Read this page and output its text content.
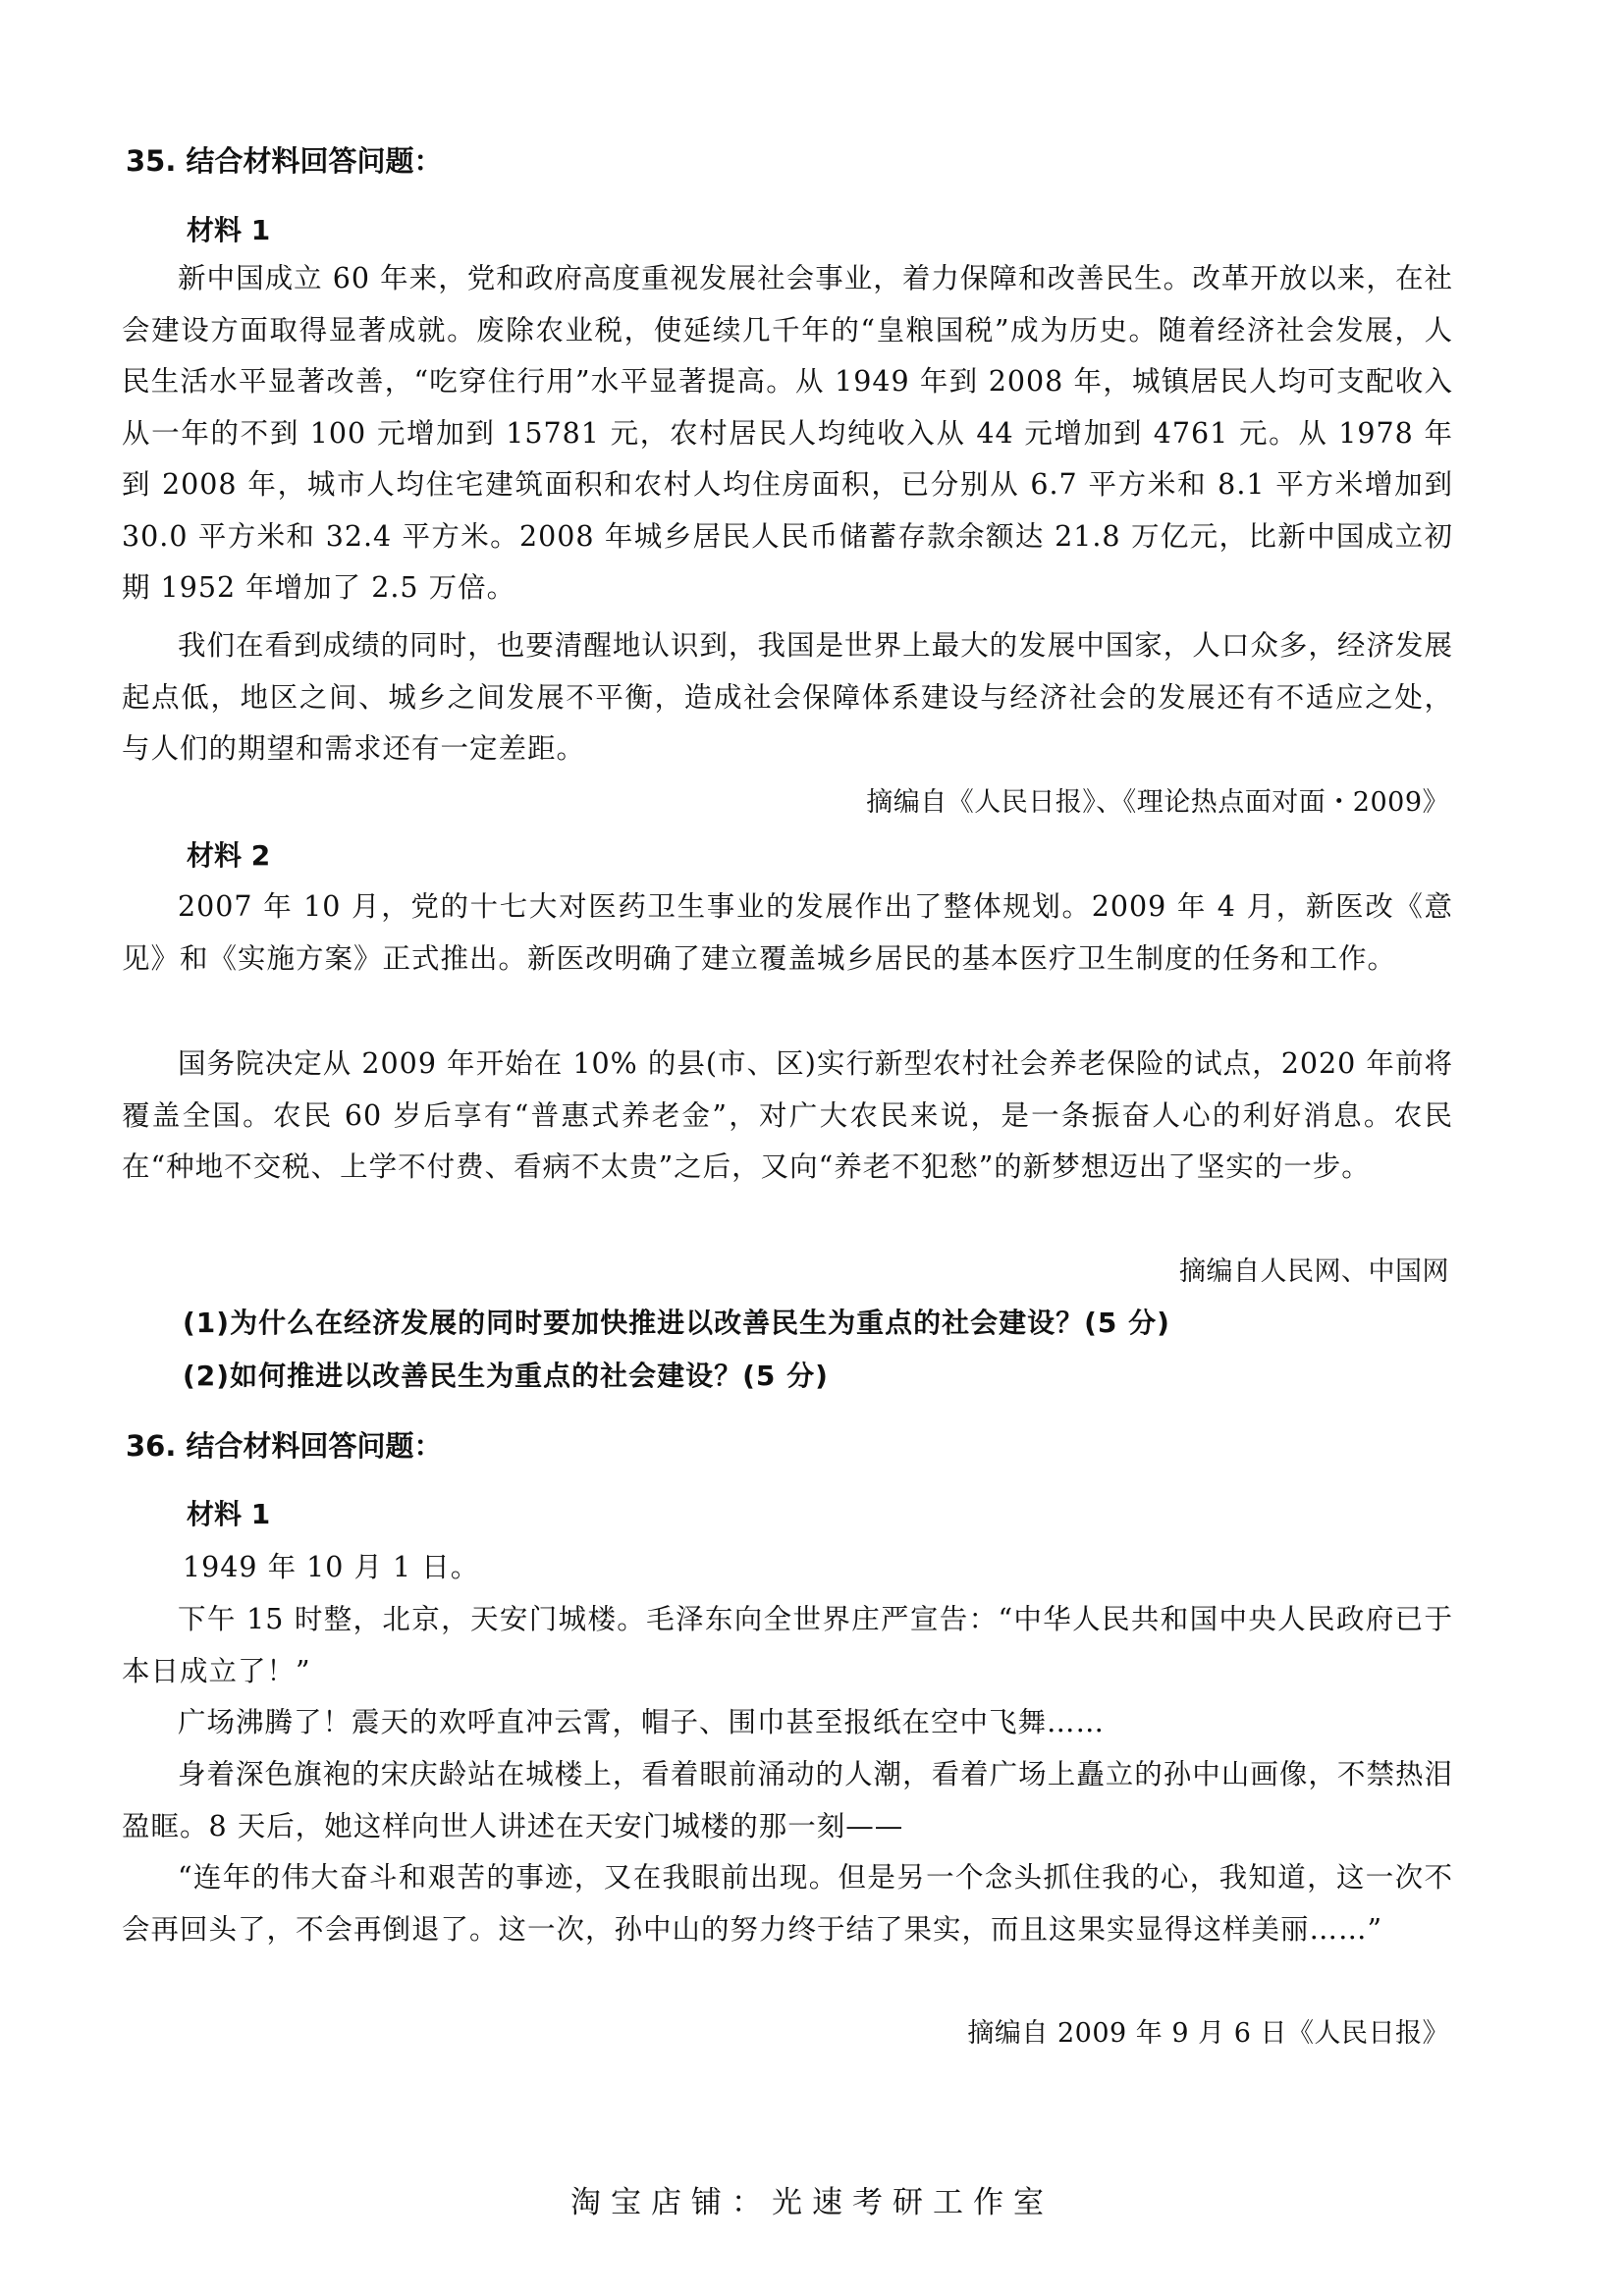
35. 结合材料回答问题：
材料 1

新中国成立 60 年来，党和政府高度重视发展社会事业，着力保障和改善民生。改革开放以来，在社会建设方面取得显著成就。废除农业税，使延续几千年的“皇粮国税”成为历史。随着经济社会发展，人民生活水平显著改善，“吃穿住行用”水平显著提高。从 1949 年到 2008 年，城镇居民人均可支配收入从一年的不到 100 元增加到 15781 元，农村居民人均纯收入从 44 元增加到 4761 元。从 1978 年到 2008 年，城市人均住宅建筑面积和农村人均住房面积，已分别从 6.7 平方米和 8.1 平方米增加到 30.0 平方米和 32.4 平方米。2008 年城乡居民人民币储蓄存款余额达 21.8 万亿元，比新中国成立初期 1952 年增加了 2.5 万倍。

我们在看到成绩的同时，也要清醒地认识到，我国是世界上最大的发展中国家，人口众多，经济发展起点低，地区之间、城乡之间发展不平衡，造成社会保障体系建设与经济社会的发展还有不适应之处，与人们的期望和需求还有一定差距。

摘编自《人民日报》、《理论热点面对面・2009》
材料 2

2007 年 10 月，党的十七大对医药卫生事业的发展作出了整体规划。2009 年 4 月，新医改《意见》和《实施方案》正式推出。新医改明确了建立覆盖城乡居民的基本医疗卫生制度的任务和工作。

国务院决定从 2009 年开始在 10% 的县(市、区)实行新型农村社会养老保险的试点，2020 年前将覆盖全国。农民 60 岁后享有“普惠式养老金”，对广大农民来说，是一条振奋人心的利好消息。农民在“种地不交税、上学不付费、看病不太贵”之后，又向“养老不犯愁”的新梦想迈出了坚实的一步。

摘编自人民网、中国网
(1)为什么在经济发展的同时要加快推进以改善民生为重点的社会建设？(5 分)
(2)如何推进以改善民生为重点的社会建设？(5 分)
36. 结合材料回答问题：
材料 1

1949 年 10 月 1 日。

下午 15 时整，北京，天安门城楼。毛泽东向全世界庄严宣告：“中华人民共和国中央人民政府已于本日成立了！”

广场沸腾了！震天的欢呼直冲云霄，帽子、围巾甚至报纸在空中飞舞……

身着深色旗袍的宋庆龄站在城楼上，看着眼前涌动的人潮，看着广场上矗立的孙中山画像，不禁热泪盈眶。8 天后，她这样向世人讲述在天安门城楼的那一刻——

“连年的伟大奋斗和艰苦的事迹，又在我眼前出现。但是另一个念头抓住我的心，我知道，这一次不会再回头了，不会再倒退了。这一次，孙中山的努力终于结了果实，而且这果实显得这样美丽……”

摘编自 2009 年 9 月 6 日《人民日报》
淘宝店铺：光速考研工作室
